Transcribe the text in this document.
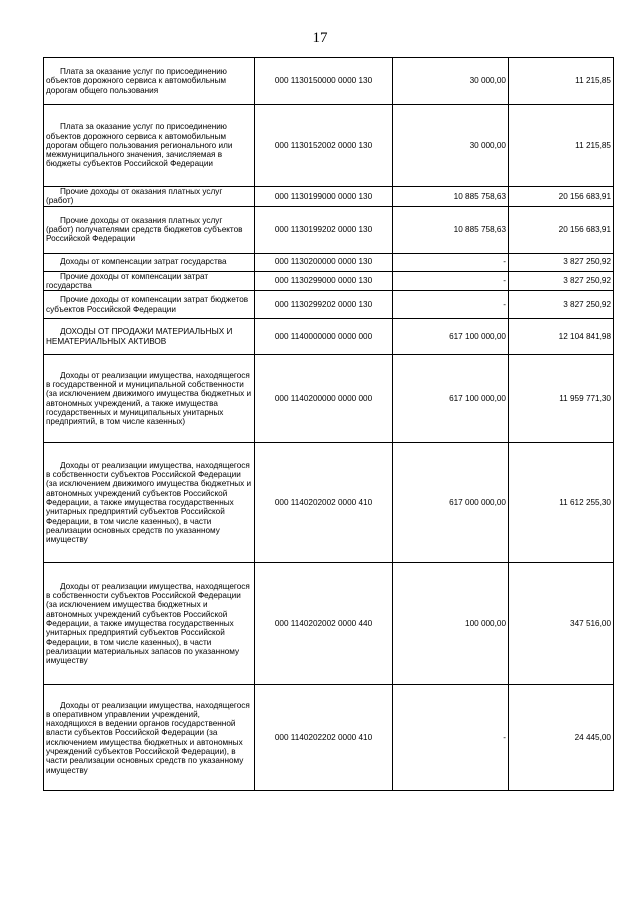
17
Плата за оказание услуг по присоединению объектов дорожного сервиса к автомобильным дорогам общего пользования	000 1130150000 0000 130	30 000,00	11 215,85

Плата за оказание услуг по присоединению объектов дорожного сервиса к автомобильным дорогам общего пользования регионального или межмуниципального значения, зачисляемая в бюджеты субъектов Российской Федерации	000 1130152002 0000 130	30 000,00	11 215,85

Прочие доходы от оказания платных услуг (работ)	000 1130199000 0000 130	10 885 758,63	20 156 683,91

Прочие доходы от оказания платных услуг (работ) получателями средств бюджетов субъектов Российской Федерации	000 1130199202 0000 130	10 885 758,63	20 156 683,91

Доходы от компенсации затрат государства	000 1130200000 0000 130	-	3 827 250,92

Прочие доходы от компенсации затрат государства	000 1130299000 0000 130	-	3 827 250,92

Прочие доходы от компенсации затрат бюджетов субъектов Российской Федерации	000 1130299202 0000 130	-	3 827 250,92

ДОХОДЫ ОТ ПРОДАЖИ МАТЕРИАЛЬНЫХ И НЕМАТЕРИАЛЬНЫХ АКТИВОВ	000 1140000000 0000 000	617 100 000,00	12 104 841,98

Доходы от реализации имущества, находящегося в государственной и муниципальной собственности (за исключением движимого имущества бюджетных и автономных учреждений, а также имущества государственных и муниципальных унитарных предприятий, в том числе казенных)	000 1140200000 0000 000	617 100 000,00	11 959 771,30

Доходы от реализации имущества, находящегося в собственности субъектов Российской Федерации (за исключением движимого имущества бюджетных и автономных учреждений субъектов Российской Федерации, а также имущества государственных унитарных предприятий субъектов Российской Федерации, в том числе казенных), в части реализации основных средств по указанному имуществу	000 1140202002 0000 410	617 000 000,00	11 612 255,30

Доходы от реализации имущества, находящегося в собственности субъектов Российской Федерации (за исключением имущества бюджетных и автономных учреждений субъектов Российской Федерации, а также имущества государственных унитарных предприятий субъектов Российской Федерации, в том числе казенных), в части реализации материальных запасов по указанному имуществу	000 1140202002 0000 440	100 000,00	347 516,00

Доходы от реализации имущества, находящегося в оперативном управлении учреждений, находящихся в ведении органов государственной власти субъектов Российской Федерации (за исключением имущества бюджетных и автономных учреждений субъектов Российской Федерации), в части реализации основных средств по указанному имуществу	000 1140202202 0000 410	-	24 445,00
